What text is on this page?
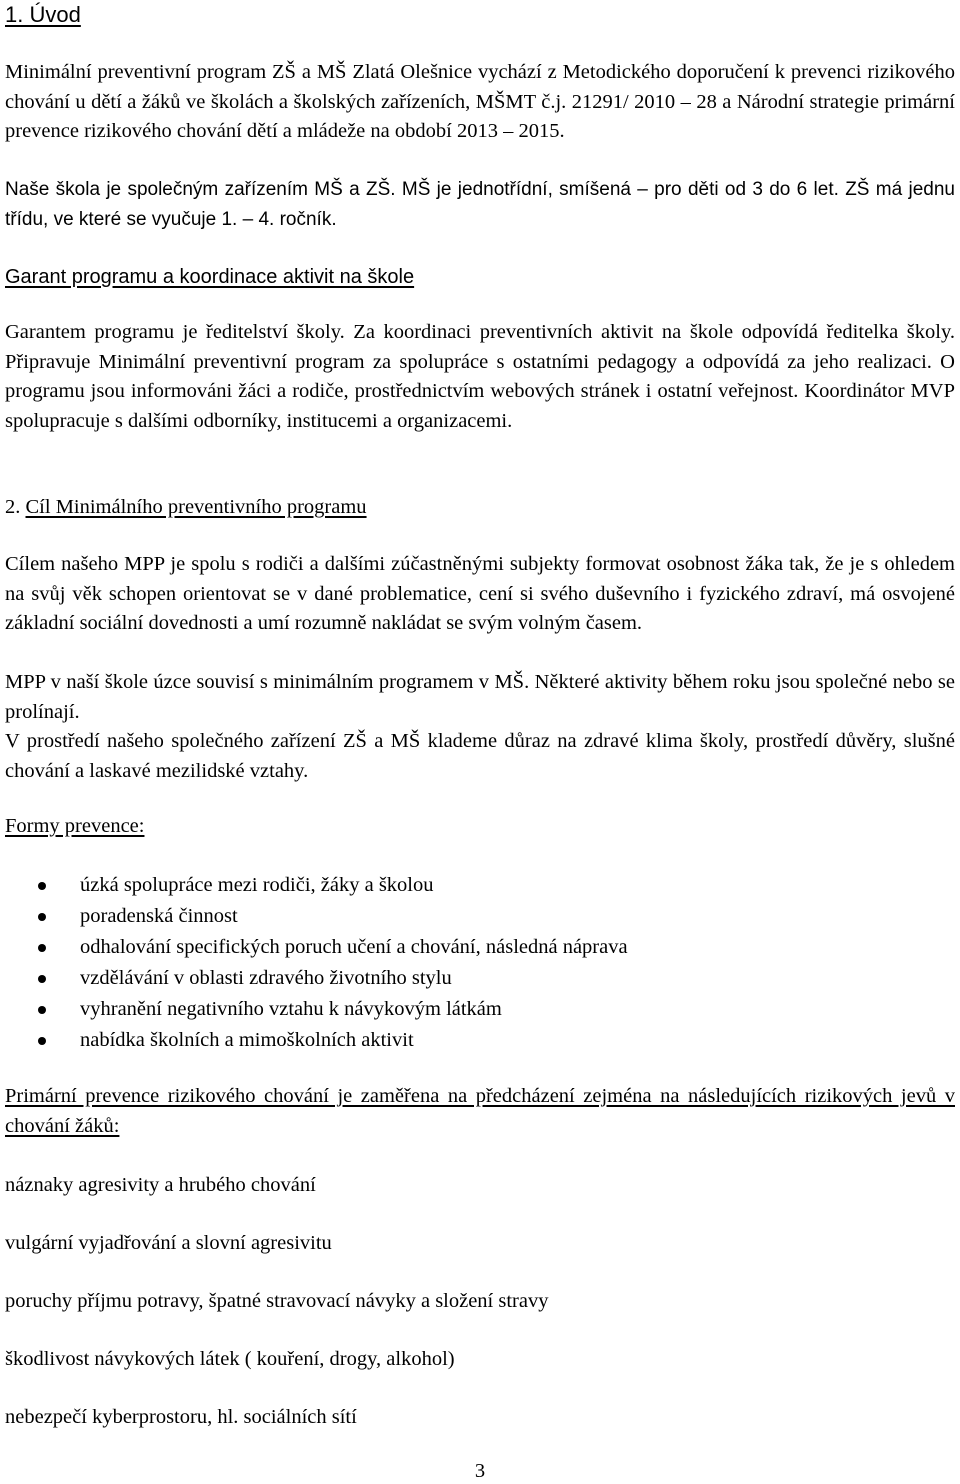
1. Úvod

Minimální preventivní program ZŠ a MŠ Zlatá Olešnice vychází z Metodického doporučení k prevenci rizikového chování u dětí a žáků ve školách a školských zařízeních, MŠMT č.j. 21291/ 2010 – 28 a Národní strategie primární prevence rizikového chování dětí a mládeže na období 2013 – 2015.

Naše škola je společným zařízením MŠ a ZŠ. MŠ je jednotřídní, smíšená – pro děti od 3 do 6 let. ZŠ má jednu třídu, ve které se vyučuje 1. – 4. ročník.

Garant programu a koordinace aktivit na škole

Garantem programu je ředitelství školy. Za koordinaci preventivních aktivit na škole odpovídá ředitelka školy. Připravuje Minimální preventivní program za spolupráce s ostatními pedagogy a odpovídá za jeho realizaci. O programu jsou informováni žáci a rodiče, prostřednictvím webových stránek i ostatní veřejnost. Koordinátor MVP spolupracuje s dalšími odborníky, institucemi a organizacemi.

2. Cíl Minimálního preventivního programu

Cílem našeho MPP je spolu s rodiči a dalšími zúčastněnými subjekty formovat osobnost žáka tak, že je s ohledem na svůj věk schopen orientovat se v dané problematice, cení si svého duševního i fyzického zdraví, má osvojené základní sociální dovednosti a umí rozumně nakládat se svým volným časem.

MPP v naší škole úzce souvisí s minimálním programem v MŠ. Některé aktivity během roku jsou společné nebo se prolínají.

V prostředí našeho společného zařízení ZŠ a MŠ klademe důraz na zdravé klima školy, prostředí důvěry, slušné chování a laskavé mezilidské vztahy.

Formy prevence:

úzká spolupráce mezi rodiči, žáky a školou
poradenská činnost
odhalování specifických poruch učení a chování, následná náprava
vzdělávání v oblasti zdravého životního stylu
vyhranění negativního vztahu k návykovým látkám
nabídka školních a mimoškolních aktivit

Primární prevence rizikového chování je zaměřena na předcházení zejména na následujících rizikových jevů v chování žáků:

náznaky agresivity a hrubého chování

vulgární vyjadřování a slovní agresivitu

poruchy příjmu potravy, špatné stravovací návyky a složení stravy

škodlivost návykových látek ( kouření, drogy, alkohol)

nebezpečí kyberprostoru, hl. sociálních sítí

3
